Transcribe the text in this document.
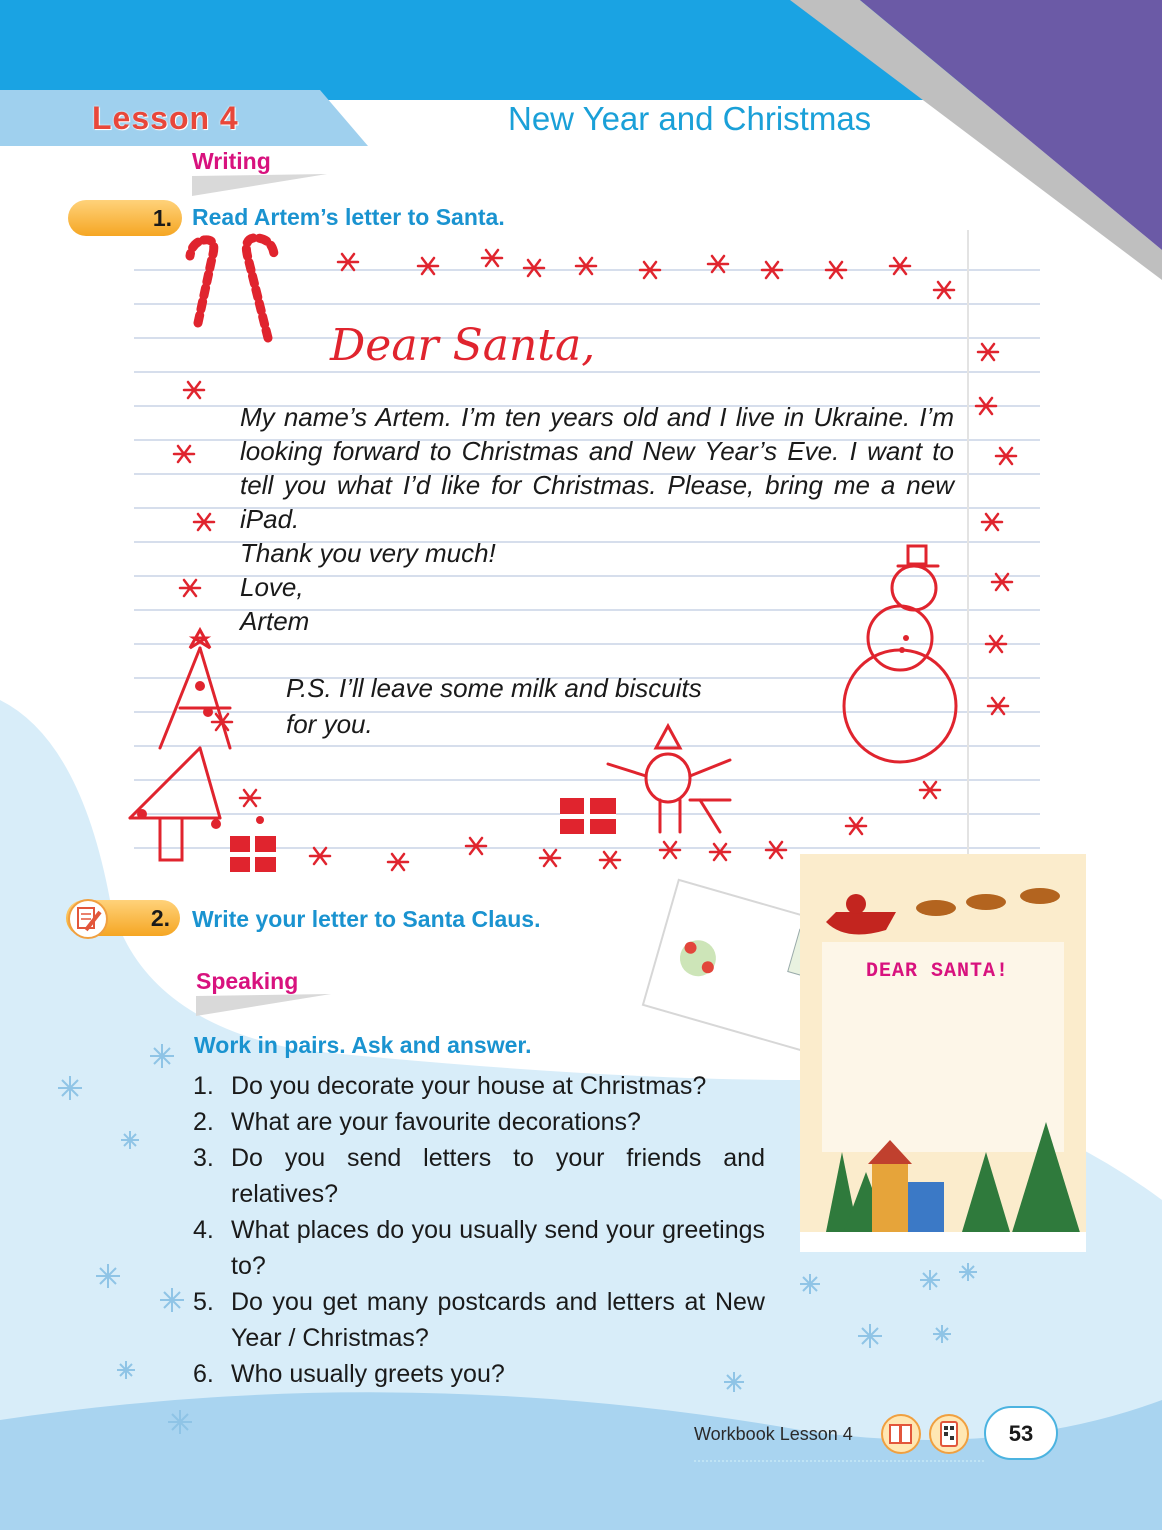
Lesson 4	New Year and Christmas
Writing
1. Read Artem’s letter to Santa.
Dear Santa,

My name’s Artem. I’m ten years old and I live in Ukraine. I’m looking forward to Christmas and New Year’s Eve. I want to tell you what I’d like for Christmas. Please, bring me a new iPad.

Thank you very much!

Love,

Artem

P.S. I’ll leave some milk and biscuits
for you.
2. Write your letter to Santa Claus.
DEAR SANTA!
Speaking
Work in pairs. Ask and answer.
1. Do you decorate your house at Christmas?
2. What are your favourite decorations?
3. Do you send letters to your friends and relatives?
4. What places do you usually send your greetings to?
5. Do you get many postcards and letters at New Year / Christmas?
6. Who usually greets you?
Workbook Lesson 4	53
